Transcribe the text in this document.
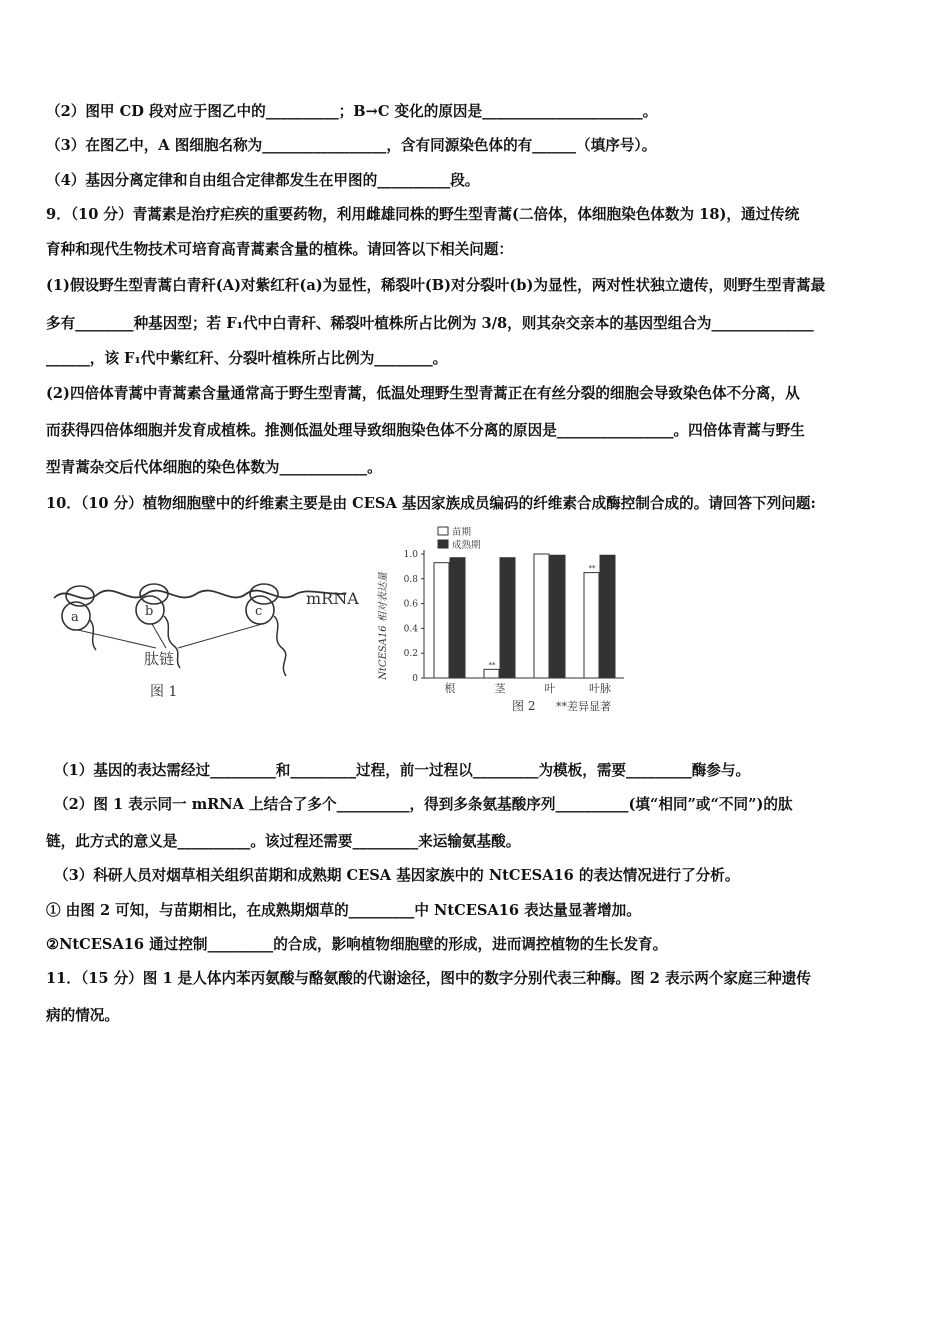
（2）图甲 CD 段对应于图乙中的__________；B→C 变化的原因是______________________。
（3）在图乙中，A 图细胞名称为_________________，含有同源染色体的有______（填序号）。
（4）基因分离定律和自由组合定律都发生在甲图的__________段。
9．（10 分）青蒿素是治疗疟疾的重要药物，利用雌雄同株的野生型青蒿(二倍体，体细胞染色体数为 18)，通过传统
育种和现代生物技术可培育高青蒿素含量的植株。请回答以下相关问题：
(1)假设野生型青蒿白青秆(A)对紫红秆(a)为显性，稀裂叶(B)对分裂叶(b)为显性，两对性状独立遗传，则野生型青蒿最
多有________种基因型；若 F₁代中白青秆、稀裂叶植株所占比例为 3/8，则其杂交亲本的基因型组合为______________
______，该 F₁代中紫红秆、分裂叶植株所占比例为________。
(2)四倍体青蒿中青蒿素含量通常高于野生型青蒿，低温处理野生型青蒿正在有丝分裂的细胞会导致染色体不分离，从
而获得四倍体细胞并发育成植株。推测低温处理导致细胞染色体不分离的原因是________________。四倍体青蒿与野生
型青蒿杂交后代体细胞的染色体数为____________。
10．（10 分）植物细胞壁中的纤维素主要是由 CESA 基因家族成员编码的纤维素合成酶控制合成的。请回答下列问题:
a	b	c
mRNA
肽链
图 1
NtCESA16 相对表达量
苗期
成熟期
图 2 **差异显著
0
0.2
0.4
0.6
0.8
1.0
根
**
茎	叶
**
叶脉
（1）基因的表达需经过_________和_________过程，前一过程以_________为模板，需要_________酶参与。
（2）图 1 表示同一 mRNA 上结合了多个__________，得到多条氨基酸序列__________(填“相同”或“不同”)的肽
链，此方式的意义是__________。该过程还需要_________来运输氨基酸。
（3）科研人员对烟草相关组织苗期和成熟期 CESA 基因家族中的 NtCESA16 的表达情况进行了分析。
① 由图 2 可知，与苗期相比，在成熟期烟草的_________中 NtCESA16 表达量显著增加。
②NtCESA16 通过控制_________的合成，影响植物细胞壁的形成，进而调控植物的生长发育。
11．（15 分）图 1 是人体内苯丙氨酸与酪氨酸的代谢途径，图中的数字分别代表三种酶。图 2 表示两个家庭三种遗传
病的情况。
